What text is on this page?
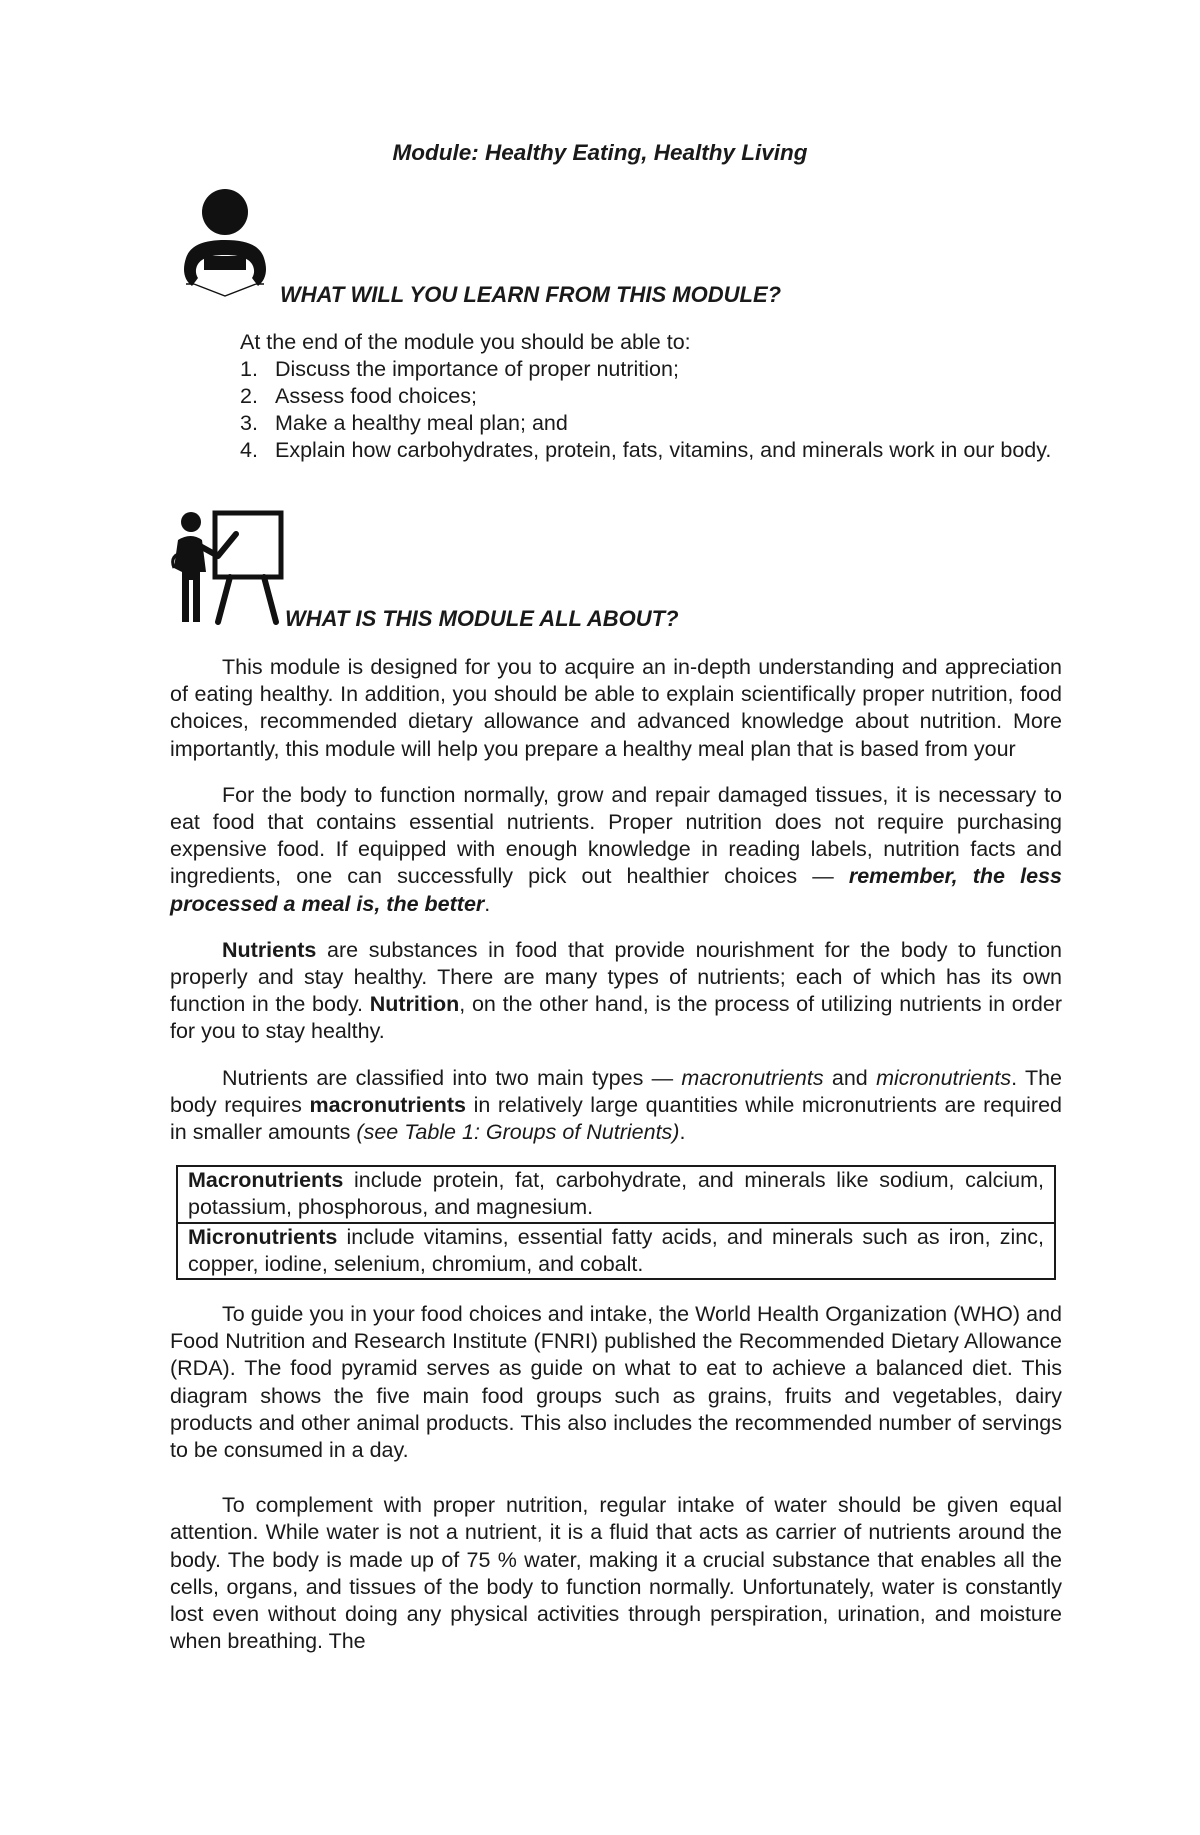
Module: Healthy Eating, Healthy Living
WHAT WILL YOU LEARN FROM THIS MODULE?

At the end of the module you should be able to:

1. Discuss the importance of proper nutrition;
2. Assess food choices;
3. Make a healthy meal plan; and
4. Explain how carbohydrates, protein, fats, vitamins, and minerals work in our body.
WHAT IS THIS MODULE ALL ABOUT?

This module is designed for you to acquire an in-depth understanding and appreciation of eating healthy. In addition, you should be able to explain scientifically proper nutrition, food choices, recommended dietary allowance and advanced knowledge about nutrition. More importantly, this module will help you prepare a healthy meal plan that is based from your

For the body to function normally, grow and repair damaged tissues, it is necessary to eat food that contains essential nutrients. Proper nutrition does not require purchasing expensive food. If equipped with enough knowledge in reading labels, nutrition facts and ingredients, one can successfully pick out healthier choices — remember, the less processed a meal is, the better.

Nutrients are substances in food that provide nourishment for the body to function properly and stay healthy. There are many types of nutrients; each of which has its own function in the body. Nutrition, on the other hand, is the process of utilizing nutrients in order for you to stay healthy.

Nutrients are classified into two main types — macronutrients and micronutrients. The body requires macronutrients in relatively large quantities while micronutrients are required in smaller amounts (see Table 1: Groups of Nutrients).

Macronutrients include protein, fat, carbohydrate, and minerals like sodium, calcium, potassium, phosphorous, and magnesium.
Micronutrients include vitamins, essential fatty acids, and minerals such as iron, zinc, copper, iodine, selenium, chromium, and cobalt.

To guide you in your food choices and intake, the World Health Organization (WHO) and Food Nutrition and Research Institute (FNRI) published the Recommended Dietary Allowance (RDA). The food pyramid serves as guide on what to eat to achieve a balanced diet. This diagram shows the five main food groups such as grains, fruits and vegetables, dairy products and other animal products. This also includes the recommended number of servings to be consumed in a day.

To complement with proper nutrition, regular intake of water should be given equal attention. While water is not a nutrient, it is a fluid that acts as carrier of nutrients around the body. The body is made up of 75 % water, making it a crucial substance that enables all the cells, organs, and tissues of the body to function normally. Unfortunately, water is constantly lost even without doing any physical activities through perspiration, urination, and moisture when breathing. The
